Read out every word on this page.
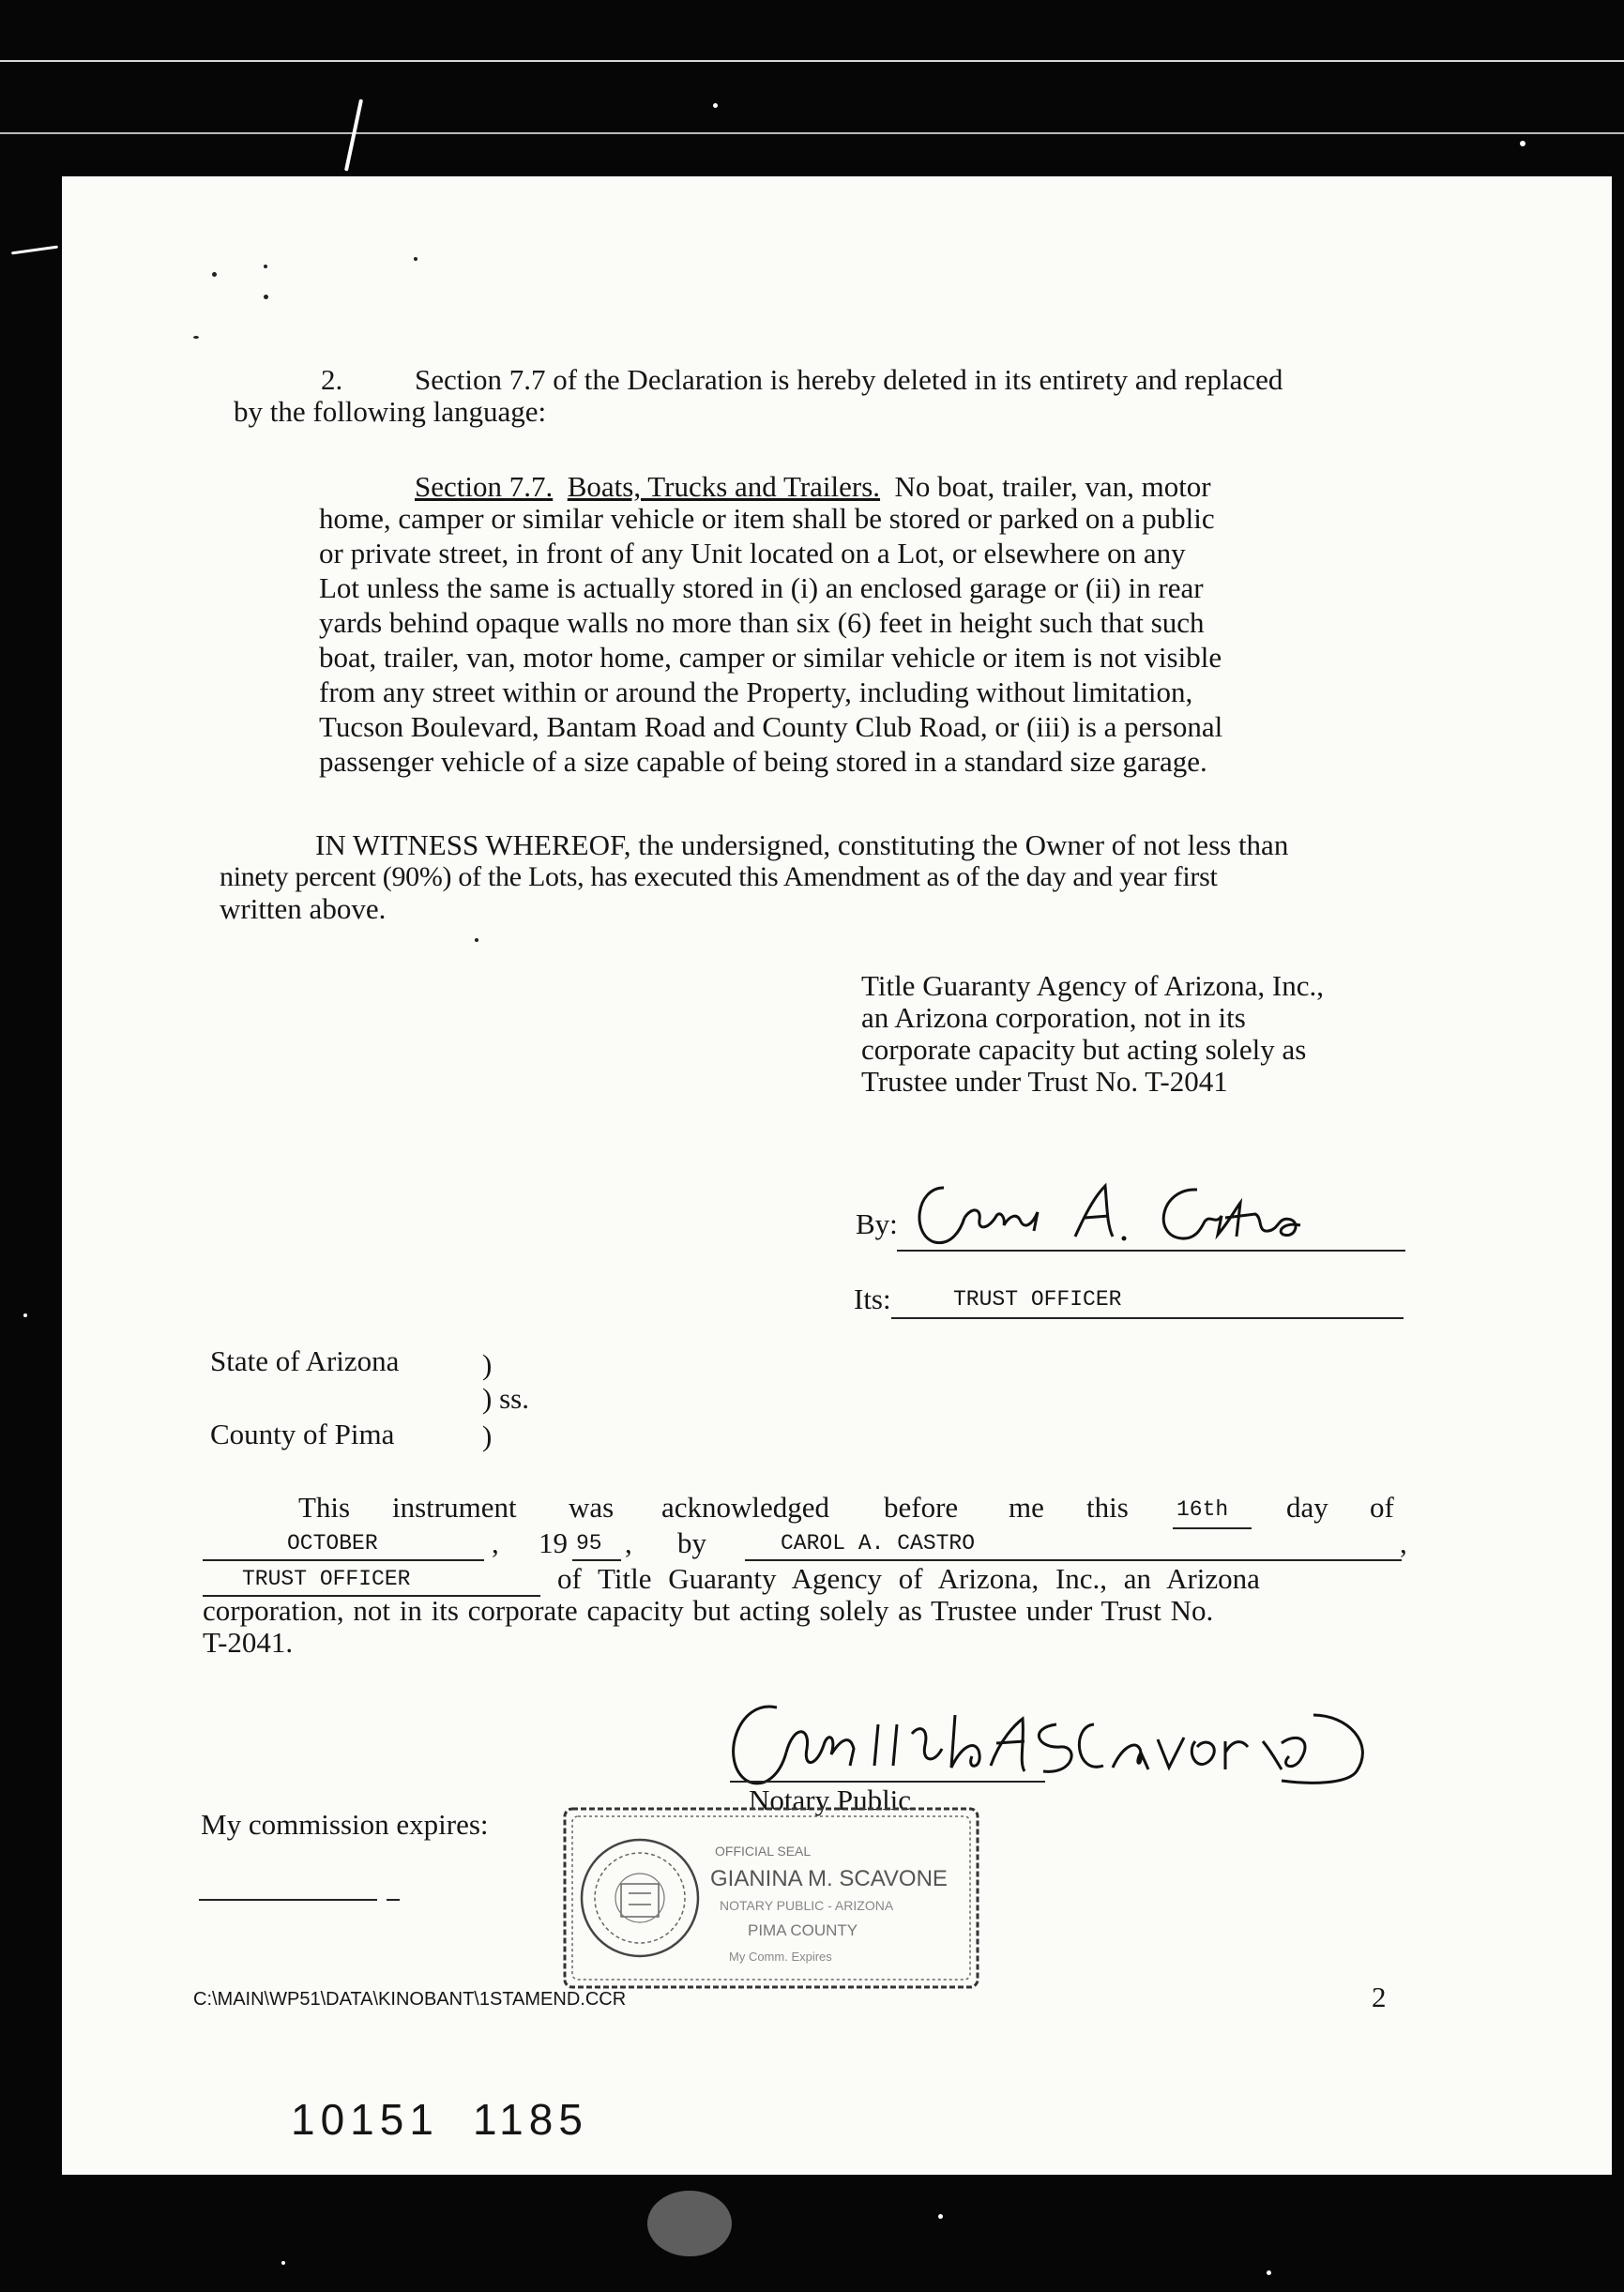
2. Section 7.7 of the Declaration is hereby deleted in its entirety and replaced
by the following language:
Section 7.7. Boats, Trucks and Trailers. No boat, trailer, van, motor
home, camper or similar vehicle or item shall be stored or parked on a public
or private street, in front of any Unit located on a Lot, or elsewhere on any
Lot unless the same is actually stored in (i) an enclosed garage or (ii) in rear
yards behind opaque walls no more than six (6) feet in height such that such
boat, trailer, van, motor home, camper or similar vehicle or item is not visible
from any street within or around the Property, including without limitation,
Tucson Boulevard, Bantam Road and County Club Road, or (iii) is a personal
passenger vehicle of a size capable of being stored in a standard size garage.
IN WITNESS WHEREOF, the undersigned, constituting the Owner of not less than
ninety percent (90%) of the Lots, has executed this Amendment as of the day and year first
written above.
Title Guaranty Agency of Arizona, Inc.,
an Arizona corporation, not in its
corporate capacity but acting solely as
Trustee under Trust No. T-2041
By:
Its:	TRUST OFFICER
State of Arizona	)
) ss.
County of Pima	)
This instrument was acknowledged before me this 16th day of
OCTOBER	, 19 95 , by	CAROL A. CASTRO	,
TRUST OFFICER	of Title Guaranty Agency of Arizona, Inc., an Arizona
corporation, not in its corporate capacity but acting solely as Trustee under Trust No.
T-2041.
Notary Public
My commission expires:
OFFICIAL SEAL
GIANINA M. SCAVONE
NOTARY PUBLIC - ARIZONA
PIMA COUNTY
My Comm. Expires
C:\MAIN\WP51\DATA\KINOBANT\1STAMEND.CCR	2
10151 1185
